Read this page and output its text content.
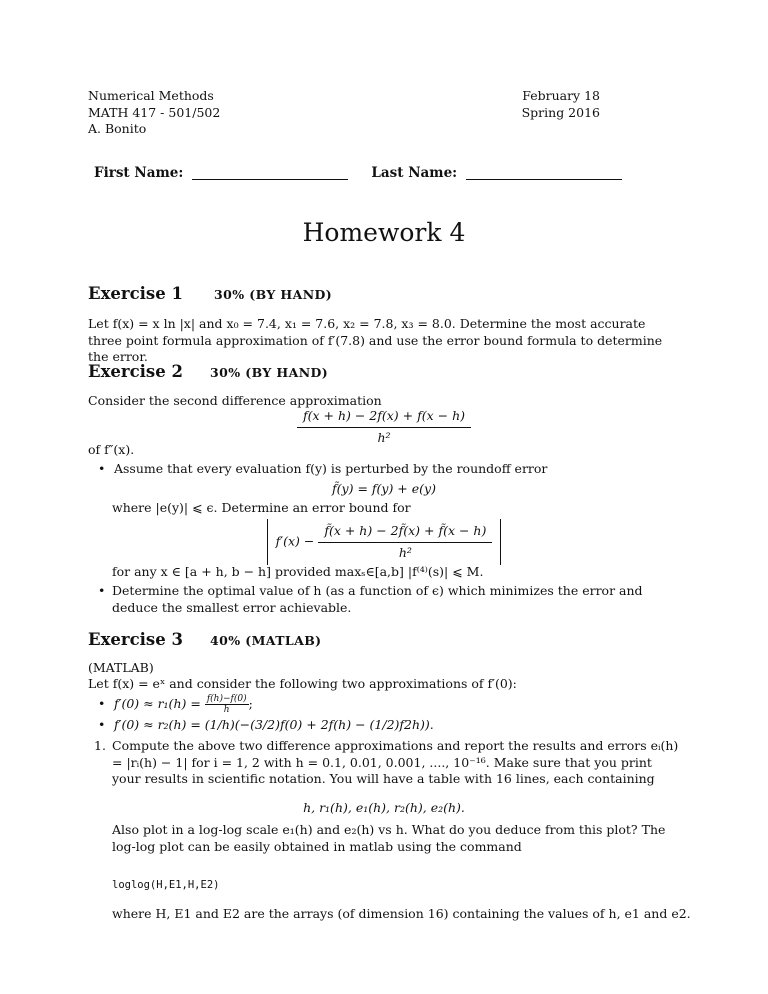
Numerical Methods
MATH 417 - 501/502
A. Bonito
February 18
Spring 2016
First Name:	Last Name:
Homework 4
Exercise 1 30% (BY HAND)
Let f(x) = x ln |x| and x₀ = 7.4, x₁ = 7.6, x₂ = 7.8, x₃ = 8.0. Determine the most accurate three point formula approximation of f′(7.8) and use the error bound formula to determine the error.
Exercise 2 30% (BY HAND)
Consider the second difference approximation
$\frac{f(x + h) - 2f(x) + f(x - h)}{\text{h²}}$
of f″(x).
• Assume that every evaluation f(y) is perturbed by the roundoff error
f̃(y) = f(y) + e(y)
where |e(y)| ⩽ ϵ. Determine an error bound for
$f'(x) - \frac{f̃(x + h) - 2f̃(x) + f̃(x - h)}{\text{h²}}$
for any x ∈ [a + h, b − h] provided maxₛ∈[a,b] |f⁽⁴⁾(s)| ⩽ M.
• Determine the optimal value of h (as a function of ϵ) which minimizes the error and deduce the smallest error achievable.
Exercise 3 40% (MATLAB)
(MATLAB)
Let f(x) = eˣ and consider the following two approximations of f′(0):
• $f'(0) \approx r_1(h) = \frac{f(h)-f(0)}{h}$;
• f′(0) ≈ r₂(h) = (1/h)(−(3/2)f(0) + 2f(h) − (1/2)f2h)).
1. Compute the above two difference approximations and report the results and errors eᵢ(h) = |rᵢ(h) − 1| for i = 1, 2 with h = 0.1, 0.01, 0.001, ...., 10⁻¹⁶. Make sure that you print your results in scientific notation. You will have a table with 16 lines, each containing
h, r₁(h), e₁(h), r₂(h), e₂(h).
Also plot in a log-log scale e₁(h) and e₂(h) vs h. What do you deduce from this plot? The log-log plot can be easily obtained in matlab using the command
loglog(H,E1,H,E2)
where H, E1 and E2 are the arrays (of dimension 16) containing the values of h, e1 and e2.
